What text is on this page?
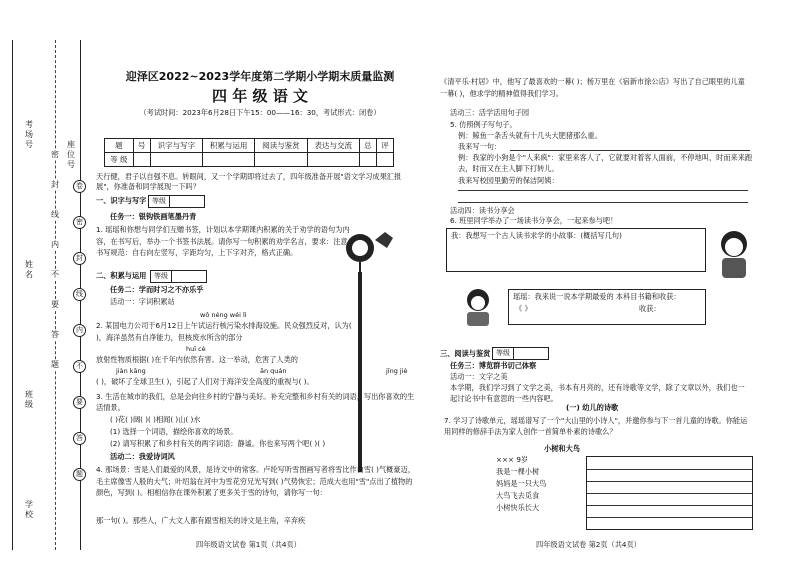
考场号
姓名
班级
学校
座位号
密
封
线
内
不
要
答
题
卷
密
封
线
内
不
要
答
题
迎泽区2022~2023学年度第二学期小学期末质量监测
四 年 级 语 文
（考试时间：2023年6月28日下午15：00——16：30，考试形式：闭卷）
题	号	识字与写字	积累与运用	阅读与鉴赏	表达与交流	总	评
等 级							
天行健，君子以自强不息。转眼间，又一个学期即将过去了，四年级准备开展"语文学习成果汇报展"，你准备和同学展现一下吗？
一、识字与写字 等级
任务一：银钩铁画笔墨丹青
1. 瑶瑶和你想与同学们互赠书签，计划以本学期课内积累的关于劝学的语句为内容，在书写后，举办一个书签书法展。请你写一句积累的劝学名言，要求：注意书写规范：自右向左竖写，字距均匀，上下字对齐，格式正确。
二、积累与运用	等级
任务二：学而时习之不亦乐乎
活动一：字词积累站
wǒ néng wéi lì
2. 某国电力公司于6月12日上午试运行核污染水排海设施。民众强烈反对，认为( )，海洋虽然有自净能力，但核废水所含的部分
huī cè
放射性物质根据( )在千年内依然有害。这一举动，危害了人类的
jiàn kāng	ān quán	jīng jiè
( )，破坏了全球卫生( )，引起了人们对于海洋安全高度的重视与( )。
3. 生活在城市的我们，总是会向往乡村的宁静与美好。补充完整和乡村有关的词语，写出你喜欢的生活情景。
( )花( )阔( )( )相闻( )山( )水
(1) 选择一个词语，描绘你喜欢的场景。
(2) 请写积累了和乡村有关的两字词语：静谧。你也来写两个吧( )( )
活动二：我爱诗词风
4. 那场景：雪是人们最爱的风景，是诗文中的常客。卢纶写听雪图画写者将雪比作白雪( )气概豪迈，毛主席像雪人般的大气；叶绍翁在河中为雪花穷兄光写到( )气势恢宏；范成大也用"雪"点出了植物的颜色，写到( )。相相信你在课外积累了更多关于雪的诗句，请你写一句：
那一句( )。那些人，广大文人都有跟雪相关的诗文是主角，辛弃疾
四年级语文试卷 第1页（共4页）
《清平乐·村居》中，他写了最喜欢的一幕( )；杨万里在《宿新市徐公店》写出了自己眼里的儿童一幕( )，他求学的精神值得我们学习。
活动三：活学活用句子园
5. 仿照例子写句子。
例：鲸鱼一条舌头就有十几头大肥猪那么重。
我来写一句：
例：我家的小狗是个"人来疯"：家里来客人了，它就要对着客人面前，不停地叫，时而来来跑去，时而又在主人脚下打转儿。
我来写校园里勤劳的保洁阿姨：
活动四：读书分享会
6. 班里同学举办了一场读书分享会，一起来参与吧！
我：我想写一个古人读书求学的小故事：(概括写几句)
瑶瑶：我来说一说本学期最爱的 本科目书籍和收获：
《 》	收获：
三、阅读与鉴赏 等级
任务三：博览群书切己体察
活动一：文字之美
本学期，我们学习到了文学之美，书本有月亮的，还有诗歌等文学，除了文章以外，我们也一起讨论书中有意思的一些内容吧。
(一) 幼儿的诗歌
7. 学习了诗歌单元，瑶瑶谱写了一个"大山里的小诗人"，并邀你参与下一首儿童的诗歌。你能运用同样的修辞手法为家人创作一首简单朴素的诗歌么？
小树和大鸟
××× 9岁
我是一棵小树
妈妈是一只大鸟
大鸟飞去觅食
小树快乐长大
四年级语文试卷 第2页（共4页）
